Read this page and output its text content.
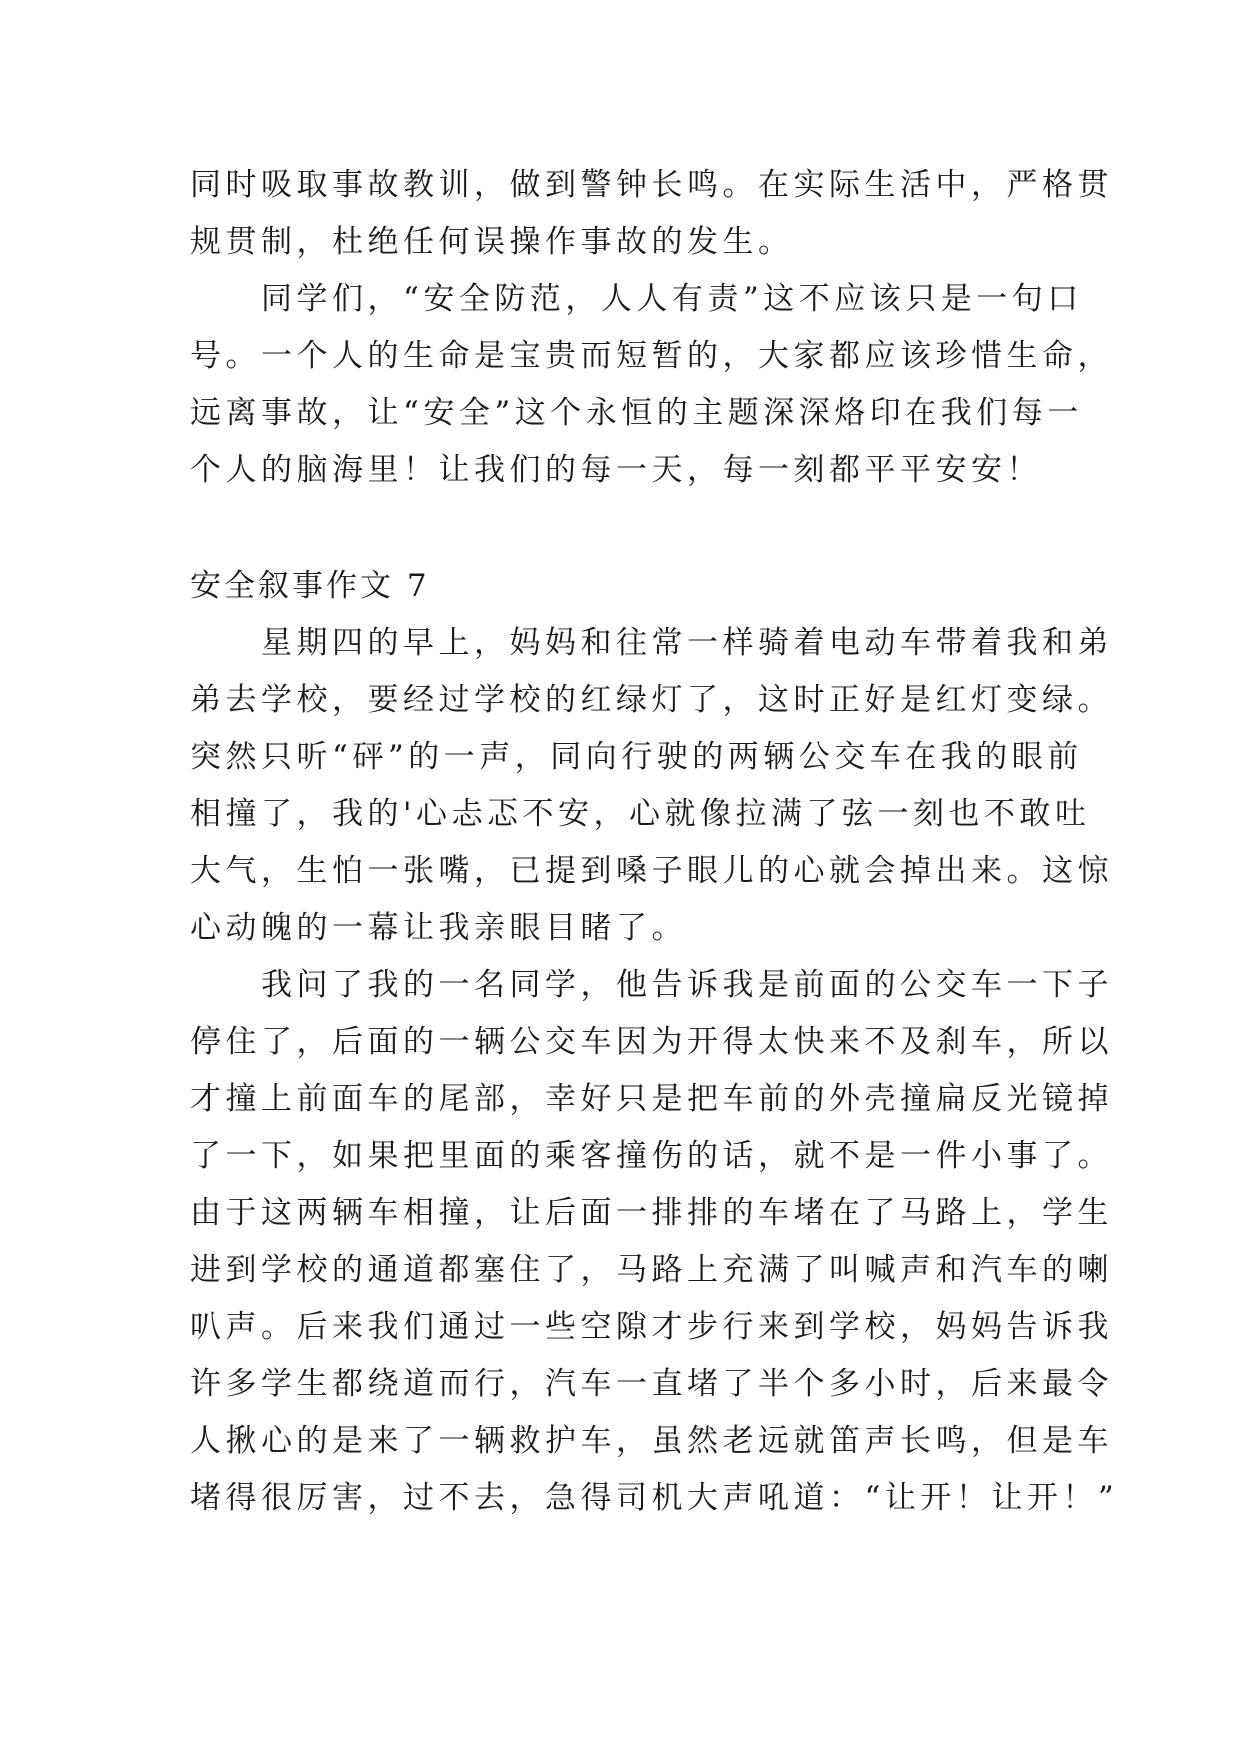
同时吸取事故教训，做到警钟长鸣。在实际生活中，严格贯
规贯制，杜绝任何误操作事故的发生。
　　同学们，“安全防范，人人有责”这不应该只是一句口
号。一个人的生命是宝贵而短暂的，大家都应该珍惜生命，
远离事故，让“安全”这个永恒的主题深深烙印在我们每一
个人的脑海里！让我们的每一天，每一刻都平平安安！
安全叙事作文 7
　　星期四的早上，妈妈和往常一样骑着电动车带着我和弟
弟去学校，要经过学校的红绿灯了，这时正好是红灯变绿。
突然只听“砰”的一声，同向行驶的两辆公交车在我的眼前
相撞了，我的'心忐忑不安，心就像拉满了弦一刻也不敢吐
大气，生怕一张嘴，已提到嗓子眼儿的心就会掉出来。这惊
心动魄的一幕让我亲眼目睹了。
　　我问了我的一名同学，他告诉我是前面的公交车一下子
停住了，后面的一辆公交车因为开得太快来不及刹车，所以
才撞上前面车的尾部，幸好只是把车前的外壳撞扁反光镜掉
了一下，如果把里面的乘客撞伤的话，就不是一件小事了。
由于这两辆车相撞，让后面一排排的车堵在了马路上，学生
进到学校的通道都塞住了，马路上充满了叫喊声和汽车的喇
叭声。后来我们通过一些空隙才步行来到学校，妈妈告诉我
许多学生都绕道而行，汽车一直堵了半个多小时，后来最令
人揪心的是来了一辆救护车，虽然老远就笛声长鸣，但是车
堵得很厉害，过不去，急得司机大声吼道：“让开！让开！”
